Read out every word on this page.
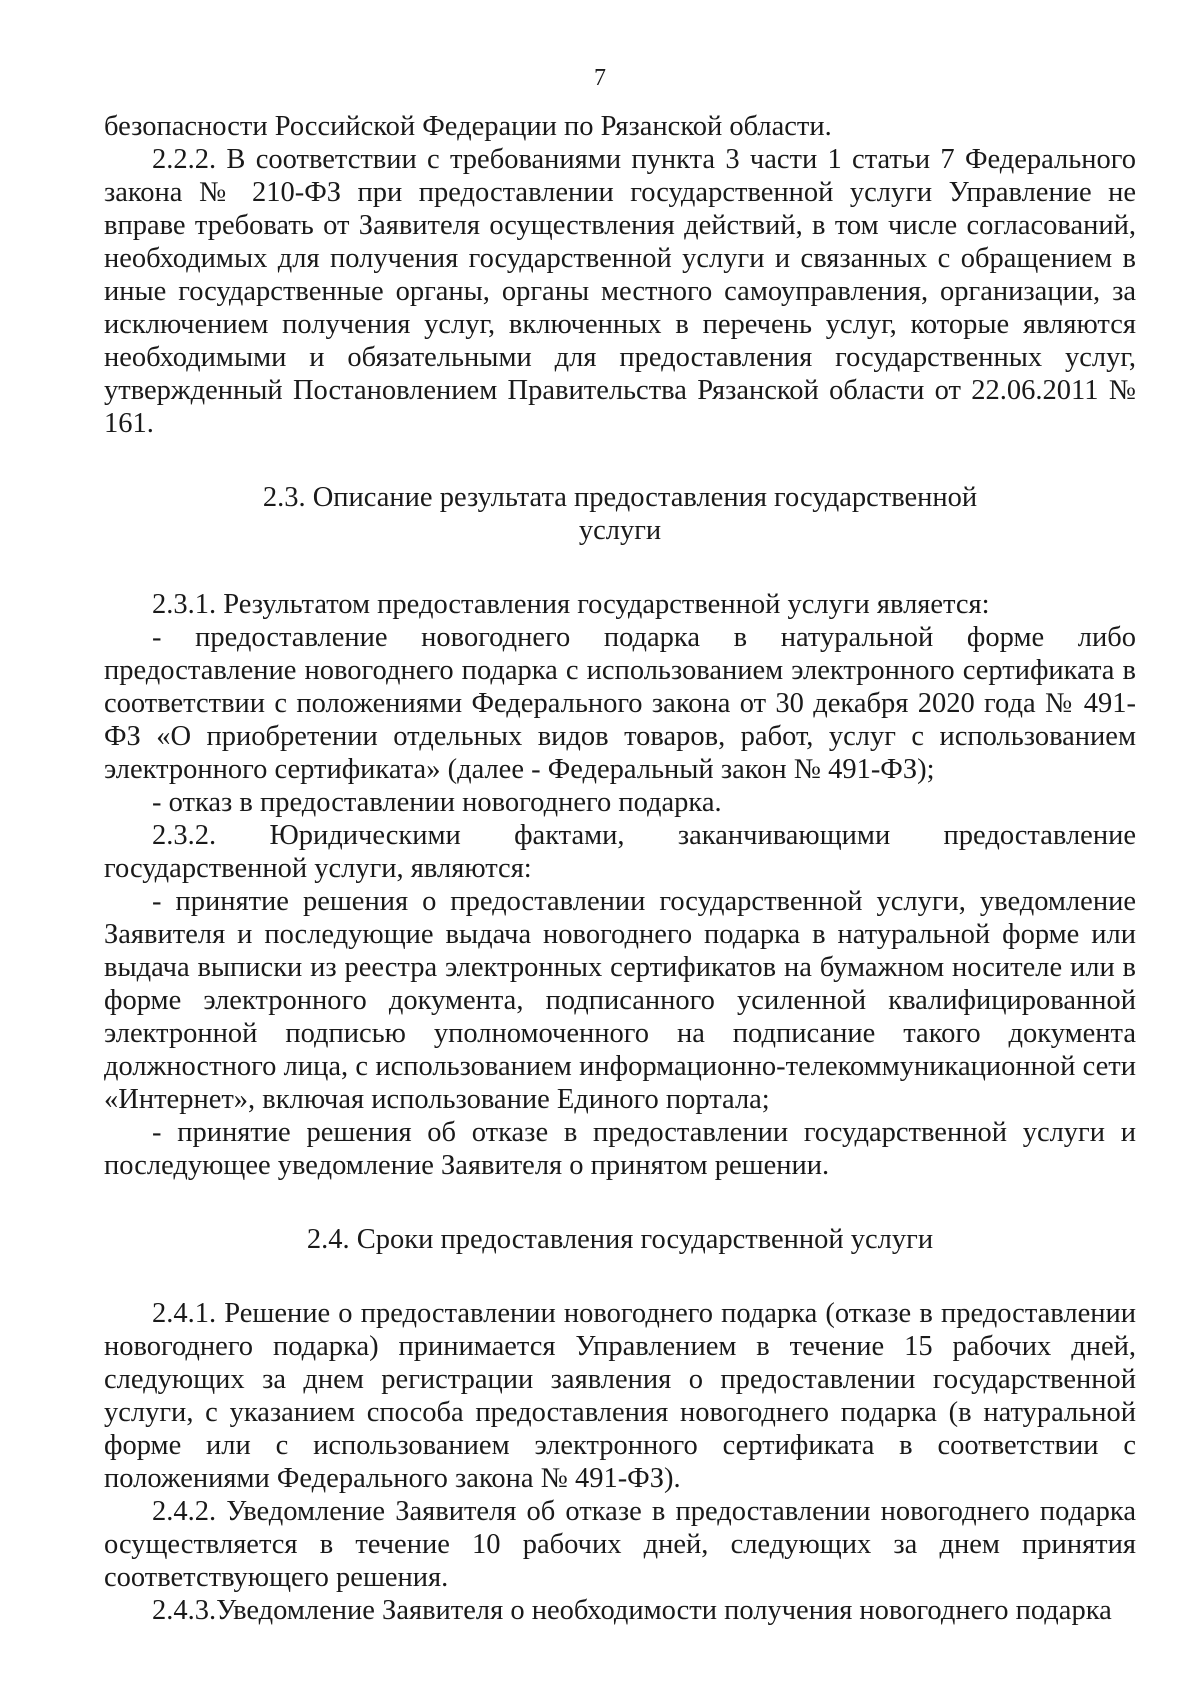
7

безопасности Российской Федерации по Рязанской области.

2.2.2. В соответствии с требованиями пункта 3 части 1 статьи 7 Федерального закона № 210-ФЗ при предоставлении государственной услуги Управление не вправе требовать от Заявителя осуществления действий, в том числе согласований, необходимых для получения государственной услуги и связанных с обращением в иные государственные органы, органы местного самоуправления, организации, за исключением получения услуг, включенных в перечень услуг, которые являются необходимыми и обязательными для предоставления государственных услуг, утвержденный Постановлением Правительства Рязанской области от 22.06.2011 № 161.

2.3. Описание результата предоставления государственной

услуги

2.3.1. Результатом предоставления государственной услуги является:

- предоставление новогоднего подарка в натуральной форме либо предоставление новогоднего подарка с использованием электронного сертификата в соответствии с положениями Федерального закона от 30 декабря 2020 года № 491-ФЗ «О приобретении отдельных видов товаров, работ, услуг с использованием электронного сертификата» (далее - Федеральный закон № 491-ФЗ);

- отказ в предоставлении новогоднего подарка.

2.3.2. Юридическими фактами, заканчивающими предоставление государственной услуги, являются:

- принятие решения о предоставлении государственной услуги, уведомление Заявителя и последующие выдача новогоднего подарка в натуральной форме или выдача выписки из реестра электронных сертификатов на бумажном носителе или в форме электронного документа, подписанного усиленной квалифицированной электронной подписью уполномоченного на подписание такого документа должностного лица, с использованием информационно-телекоммуникационной сети «Интернет», включая использование Единого портала;

- принятие решения об отказе в предоставлении государственной услуги и последующее уведомление Заявителя о принятом решении.

2.4. Сроки предоставления государственной услуги

2.4.1. Решение о предоставлении новогоднего подарка (отказе в предоставлении новогоднего подарка) принимается Управлением в течение 15 рабочих дней, следующих за днем регистрации заявления о предоставлении государственной услуги, с указанием способа предоставления новогоднего подарка (в натуральной форме или с использованием электронного сертификата в соответствии с положениями Федерального закона № 491-ФЗ).

2.4.2. Уведомление Заявителя об отказе в предоставлении новогоднего подарка осуществляется в течение 10 рабочих дней, следующих за днем принятия соответствующего решения.

2.4.3.Уведомление Заявителя о необходимости получения новогоднего подарка
